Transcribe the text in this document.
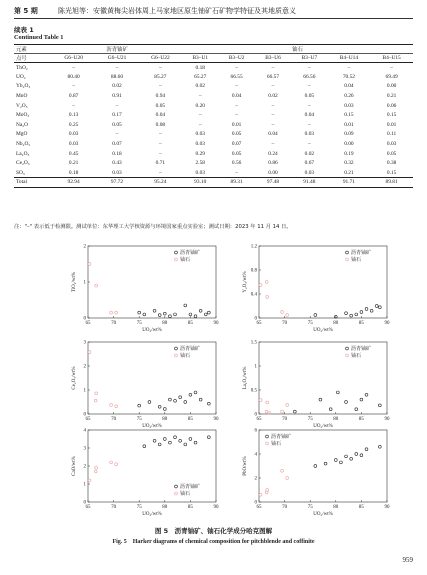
第 5 期	陈光旭等：安徽黄梅尖岩体周上马家地区原生铀矿石矿物学特征及其地质意义
续表 1
Continued Table 1
元素	沥青铀矿			铀石					
点号	G6–U20	G6–U21	G6–U22	B3–U1	B3–U2	B3–U6	B3–U7	B4–U14	B4–U15
ThO₂	–	–	–	0.18	–	–	–	–	–
UO₂	80.40	88.60	85.27	65.27	66.55	66.57	66.56	70.52	69.49
Yb₂O₃	–	0.02	–	0.02	–	–	–	0.04	0.00
MnO	0.87	0.91	0.94	–	0.04	0.02	0.05	0.26	0.21
V₂O₃	–	–	0.05	0.20	–	–	–	0.03	0.06
MoO₃	0.13	0.17	0.04	–	–	–	0.04	0.15	0.15
Na₂O	0.25	0.05	0.08	–	0.01	–	–	0.01	0.01
MgO	0.03	–	–	0.03	0.05	0.04	0.03	0.09	0.11
Nb₂O₅	0.03	0.07	–	0.03	0.07	–	–	0.00	0.03
La₂O₃	0.45	0.18	–	0.29	0.05	0.24	0.02	0.19	0.05
Ce₂O₃	0.21	0.43	0.71	2.58	0.56	0.86	0.67	0.32	0.38
SO₃	0.18	0.03	–	0.03	–	0.00	0.03	0.21	0.15
Total	92.94	97.72	95.24	93.10	89.31	97.48	91.48	91.71	89.81
注："–" 表示低于检测限。测试单位：东华理工大学核资源与环境国家重点实验室；测试日期：2023 年 11 月 14 日。
65	70	75	80	85	90
0
1
2
UO₂/wt%
TiO₂/wt%
沥青铀矿
铀石
65	70	75	80	85	90
0
0.4
0.8
1.2
UO₂/wt%
Y₂O₃/wt%
沥青铀矿
铀石
65	70	75	80	85	90
0
1
2
3
UO₂/wt%
Ce₂O₃/wt%
沥青铀矿
铀石
65	70	75	80	85	90
0
0.5
1
1.5
UO₂/wt%
La₂O₃/wt%
沥青铀矿
铀石
65	70	75	80	85	90
0
1
2
3
4
UO₂/wt%
CaO/wt%
沥青铀矿
铀石
65	70	75	80	85	90
0
2
4
6
UO₂/wt%
PbO/wt%
沥青铀矿
铀石
图 5　沥青铀矿、铀石化学成分哈克图解
Fig. 5　Harker diagrams of chemical composition for pitchblende and coffinite
959
